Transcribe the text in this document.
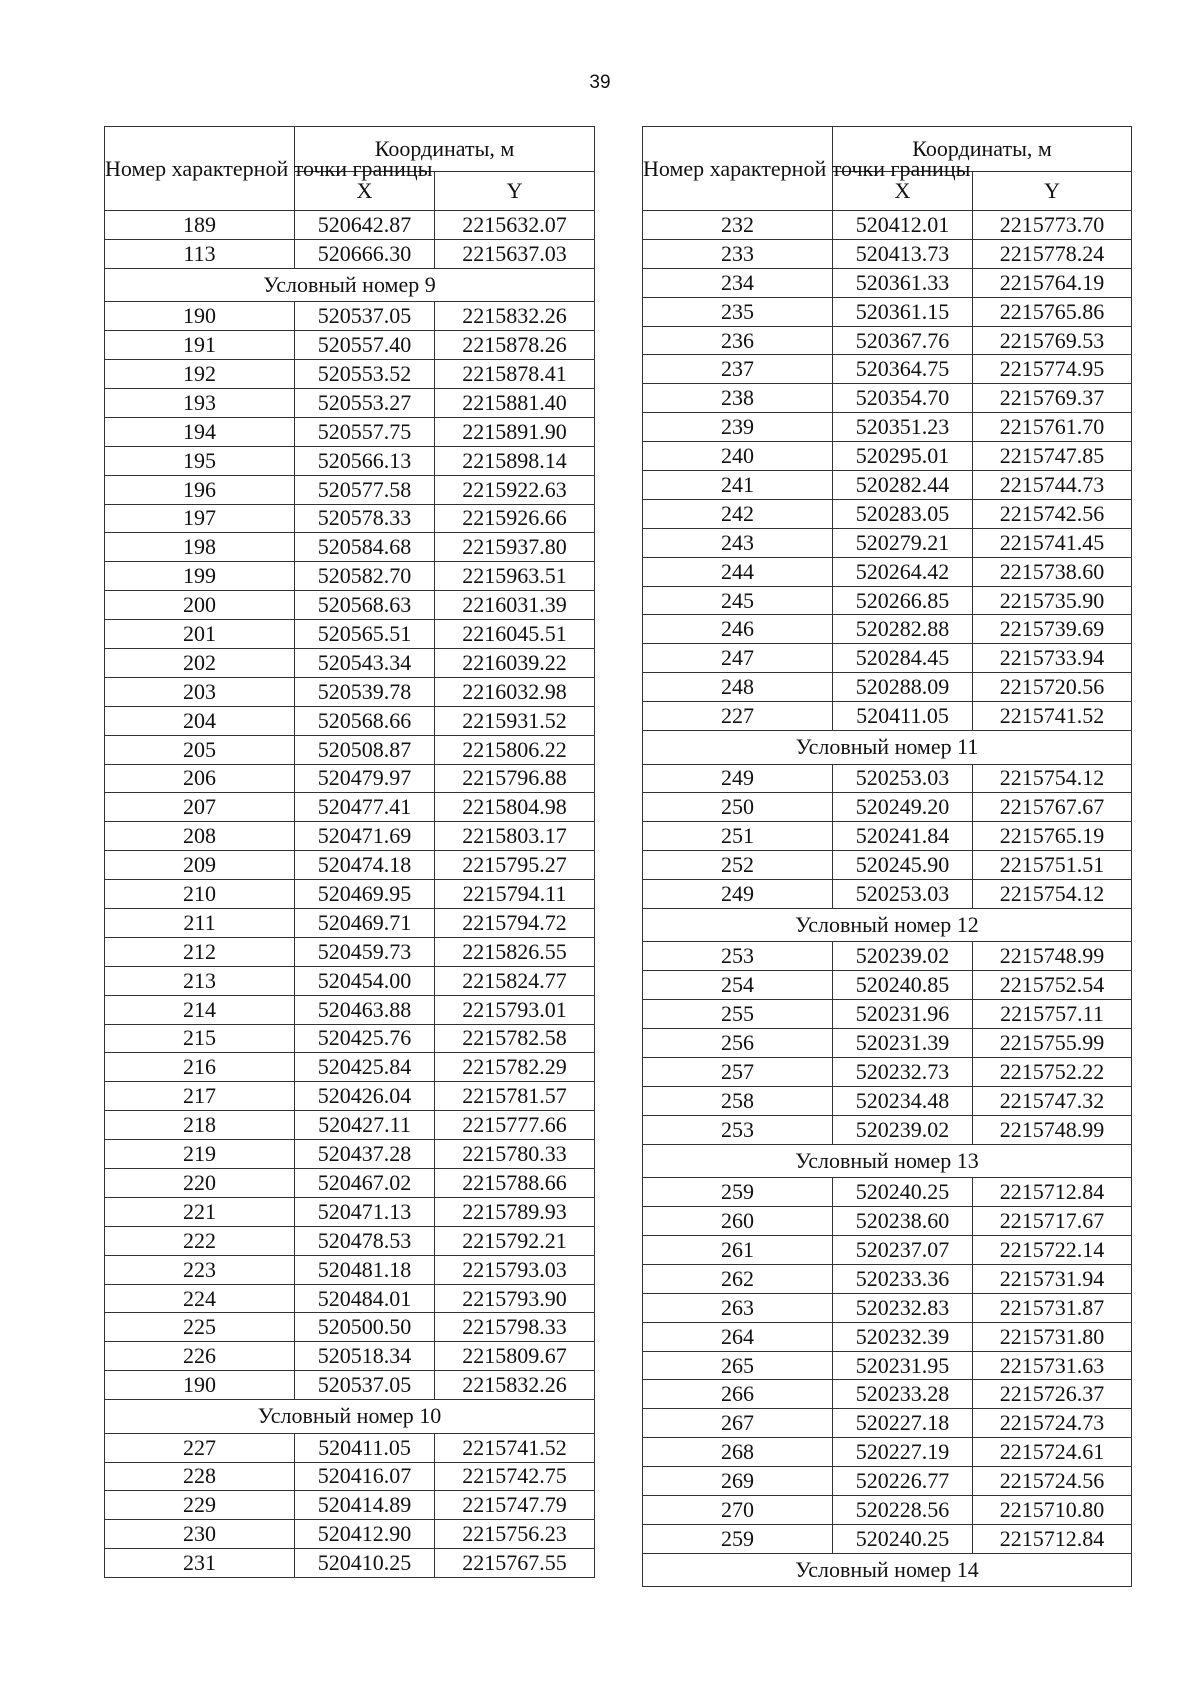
39
Номер характерной точки границы	Координаты, м	
	X	Y
189	520642.87	2215632.07
113	520666.30	2215637.03
Условный номер 9		
190	520537.05	2215832.26
191	520557.40	2215878.26
192	520553.52	2215878.41
193	520553.27	2215881.40
194	520557.75	2215891.90
195	520566.13	2215898.14
196	520577.58	2215922.63
197	520578.33	2215926.66
198	520584.68	2215937.80
199	520582.70	2215963.51
200	520568.63	2216031.39
201	520565.51	2216045.51
202	520543.34	2216039.22
203	520539.78	2216032.98
204	520568.66	2215931.52
205	520508.87	2215806.22
206	520479.97	2215796.88
207	520477.41	2215804.98
208	520471.69	2215803.17
209	520474.18	2215795.27
210	520469.95	2215794.11
211	520469.71	2215794.72
212	520459.73	2215826.55
213	520454.00	2215824.77
214	520463.88	2215793.01
215	520425.76	2215782.58
216	520425.84	2215782.29
217	520426.04	2215781.57
218	520427.11	2215777.66
219	520437.28	2215780.33
220	520467.02	2215788.66
221	520471.13	2215789.93
222	520478.53	2215792.21
223	520481.18	2215793.03
224	520484.01	2215793.90
225	520500.50	2215798.33
226	520518.34	2215809.67
190	520537.05	2215832.26
Условный номер 10		
227	520411.05	2215741.52
228	520416.07	2215742.75
229	520414.89	2215747.79
230	520412.90	2215756.23
231	520410.25	2215767.55
Номер характерной точки границы	Координаты, м	
	X	Y
232	520412.01	2215773.70
233	520413.73	2215778.24
234	520361.33	2215764.19
235	520361.15	2215765.86
236	520367.76	2215769.53
237	520364.75	2215774.95
238	520354.70	2215769.37
239	520351.23	2215761.70
240	520295.01	2215747.85
241	520282.44	2215744.73
242	520283.05	2215742.56
243	520279.21	2215741.45
244	520264.42	2215738.60
245	520266.85	2215735.90
246	520282.88	2215739.69
247	520284.45	2215733.94
248	520288.09	2215720.56
227	520411.05	2215741.52
Условный номер 11		
249	520253.03	2215754.12
250	520249.20	2215767.67
251	520241.84	2215765.19
252	520245.90	2215751.51
249	520253.03	2215754.12
Условный номер 12		
253	520239.02	2215748.99
254	520240.85	2215752.54
255	520231.96	2215757.11
256	520231.39	2215755.99
257	520232.73	2215752.22
258	520234.48	2215747.32
253	520239.02	2215748.99
Условный номер 13		
259	520240.25	2215712.84
260	520238.60	2215717.67
261	520237.07	2215722.14
262	520233.36	2215731.94
263	520232.83	2215731.87
264	520232.39	2215731.80
265	520231.95	2215731.63
266	520233.28	2215726.37
267	520227.18	2215724.73
268	520227.19	2215724.61
269	520226.77	2215724.56
270	520228.56	2215710.80
259	520240.25	2215712.84
Условный номер 14		
